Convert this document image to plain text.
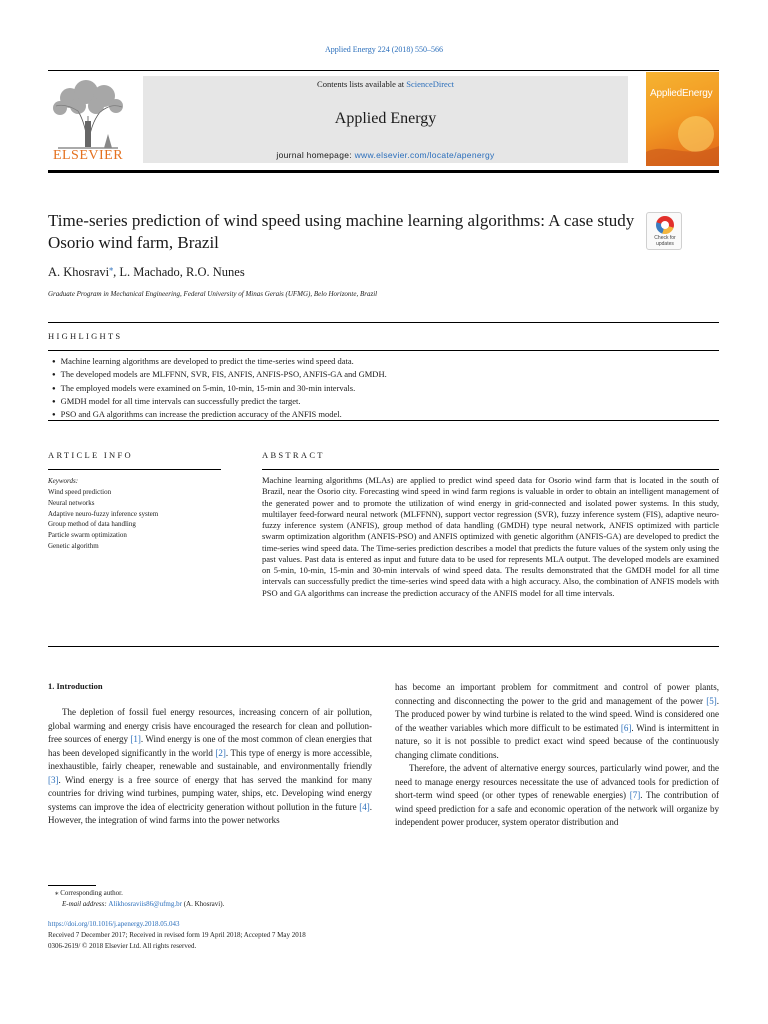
Applied Energy 224 (2018) 550–566
ELSEVIER
Contents lists available at ScienceDirect
Applied Energy
journal homepage: www.elsevier.com/locate/apenergy
AppliedEnergy
Time-series prediction of wind speed using machine learning algorithms: A case study Osorio wind farm, Brazil	Check for
updates
A. Khosravi⁎, L. Machado, R.O. Nunes
Graduate Program in Mechanical Engineering, Federal University of Minas Gerais (UFMG), Belo Horizonte, Brazil
HIGHLIGHTS
● Machine learning algorithms are developed to predict the time-series wind speed data.
● The developed models are MLFFNN, SVR, FIS, ANFIS, ANFIS-PSO, ANFIS-GA and GMDH.
● The employed models were examined on 5-min, 10-min, 15-min and 30-min intervals.
● GMDH model for all time intervals can successfully predict the target.
● PSO and GA algorithms can increase the prediction accuracy of the ANFIS model.
ARTICLE INFO	ABSTRACT
Keywords:
Wind speed prediction
Neural networks
Adaptive neuro-fuzzy inference system
Group method of data handling
Particle swarm optimization
Genetic algorithm
Machine learning algorithms (MLAs) are applied to predict wind speed data for Osorio wind farm that is located in the south of Brazil, near the Osorio city. Forecasting wind speed in wind farm regions is valuable in order to obtain an intelligent management of the generated power and to promote the utilization of wind energy in grid-connected and isolated power systems. In this study, multilayer feed-forward neural network (MLFFNN), support vector regression (SVR), fuzzy inference system (FIS), adaptive neuro-fuzzy inference system (ANFIS), group method of data handling (GMDH) type neural network, ANFIS optimized with particle swarm optimization algorithm (ANFIS-PSO) and ANFIS optimized with genetic algorithm (ANFIS-GA) are developed to predict the time-series wind speed data. The Time-series prediction describes a model that predicts the future values of the system only using the past values. Past data is entered as input and future data to be used for represents MLA output. The developed models are examined on 5-min, 10-min, 15-min and 30-min intervals of wind speed data. The results demonstrated that the GMDH model for all time intervals can successfully predict the time-series wind speed data with a high accuracy. Also, the combination of ANFIS models with PSO and GA algorithms can increase the prediction accuracy of the ANFIS model for all time intervals.
1. Introduction
The depletion of fossil fuel energy resources, increasing concern of air pollution, global warming and energy crisis have encouraged the research for clean and pollution-free sources of energy [1]. Wind energy is one of the most common of clean energies that has been developed significantly in the world [2]. This type of energy is more accessible, inexhaustible, fairly cheaper, renewable and sustainable, and environmentally friendly [3]. Wind energy is a free source of energy that has served the mankind for many countries for driving wind turbines, pumping water, ships, etc. Developing wind energy systems can improve the idea of electricity generation without pollution in the future [4]. However, the integration of wind farms into the power networks

has become an important problem for commitment and control of power plants, connecting and disconnecting the power to the grid and management of the power [5]. The produced power by wind turbine is related to the wind speed. Wind is considered one of the weather variables which more difficult to be estimated [6]. Wind is intermittent in nature, so it is not possible to predict exact wind speed because of the continuously changing climate conditions.

Therefore, the advent of alternative energy sources, particularly wind power, and the need to manage energy resources necessitate the use of advanced tools for prediction of short-term wind speed (or other types of renewable energies) [7]. The contribution of wind speed prediction for a safe and economic operation of the network will organize by independent power producer, system operator distribution and

⁎ Corresponding author.
E-mail address: Alikhosraviis86@ufmg.br (A. Khosravi).
https://doi.org/10.1016/j.apenergy.2018.05.043
Received 7 December 2017; Received in revised form 19 April 2018; Accepted 7 May 2018
0306-2619/ © 2018 Elsevier Ltd. All rights reserved.
